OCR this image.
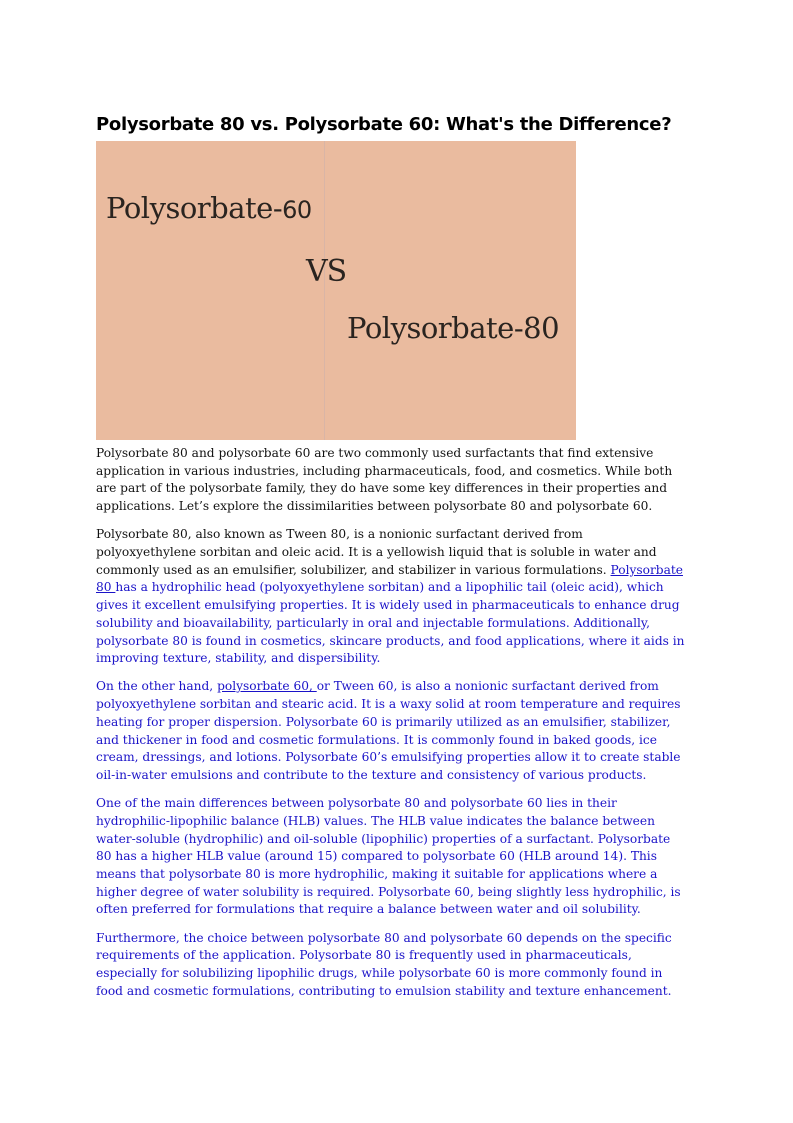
Polysorbate 80 vs. Polysorbate 60: What's the Difference?
Polysorbate-60
VS
Polysorbate-80

Polysorbate 80 and polysorbate 60 are two commonly used surfactants that find extensive application in various industries, including pharmaceuticals, food, and cosmetics. While both are part of the polysorbate family, they do have some key differences in their properties and applications. Let’s explore the dissimilarities between polysorbate 80 and polysorbate 60.

Polysorbate 80, also known as Tween 80, is a nonionic surfactant derived from polyoxyethylene sorbitan and oleic acid. It is a yellowish liquid that is soluble in water and commonly used as an emulsifier, solubilizer, and stabilizer in various formulations. Polysorbate 80 has a hydrophilic head (polyoxyethylene sorbitan) and a lipophilic tail (oleic acid), which gives it excellent emulsifying properties. It is widely used in pharmaceuticals to enhance drug solubility and bioavailability, particularly in oral and injectable formulations. Additionally, polysorbate 80 is found in cosmetics, skincare products, and food applications, where it aids in improving texture, stability, and dispersibility.

On the other hand, polysorbate 60, or Tween 60, is also a nonionic surfactant derived from polyoxyethylene sorbitan and stearic acid. It is a waxy solid at room temperature and requires heating for proper dispersion. Polysorbate 60 is primarily utilized as an emulsifier, stabilizer, and thickener in food and cosmetic formulations. It is commonly found in baked goods, ice cream, dressings, and lotions. Polysorbate 60’s emulsifying properties allow it to create stable oil-in-water emulsions and contribute to the texture and consistency of various products.

One of the main differences between polysorbate 80 and polysorbate 60 lies in their hydrophilic-lipophilic balance (HLB) values. The HLB value indicates the balance between water-soluble (hydrophilic) and oil-soluble (lipophilic) properties of a surfactant. Polysorbate 80 has a higher HLB value (around 15) compared to polysorbate 60 (HLB around 14). This means that polysorbate 80 is more hydrophilic, making it suitable for applications where a higher degree of water solubility is required. Polysorbate 60, being slightly less hydrophilic, is often preferred for formulations that require a balance between water and oil solubility.

Furthermore, the choice between polysorbate 80 and polysorbate 60 depends on the specific requirements of the application. Polysorbate 80 is frequently used in pharmaceuticals, especially for solubilizing lipophilic drugs, while polysorbate 60 is more commonly found in food and cosmetic formulations, contributing to emulsion stability and texture enhancement.
